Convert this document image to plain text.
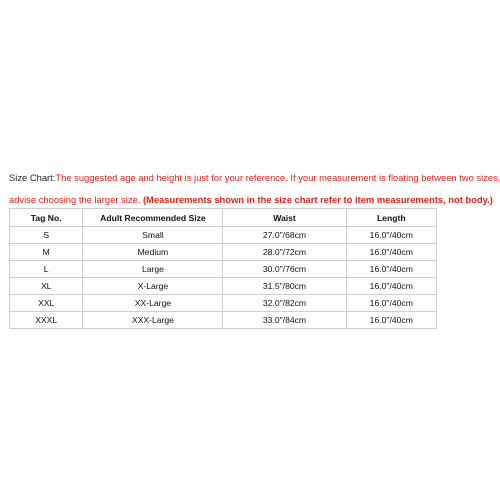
Size Chart:The suggested age and height is just for your reference. If your measurement is floating between two sizes,
advise choosing the larger size. (Measurements shown in the size chart refer to item measurements, not body.)
Tag No.	Adult Recommended Size	Waist	Length
S	Small	27.0"/68cm	16.0"/40cm
M	Medium	28.0"/72cm	16.0"/40cm
L	Large	30.0"/76cm	16.0"/40cm
XL	X-Large	31.5"/80cm	16.0"/40cm
XXL	XX-Large	32.0"/82cm	16.0"/40cm
XXXL	XXX-Large	33.0"/84cm	16.0"/40cm
